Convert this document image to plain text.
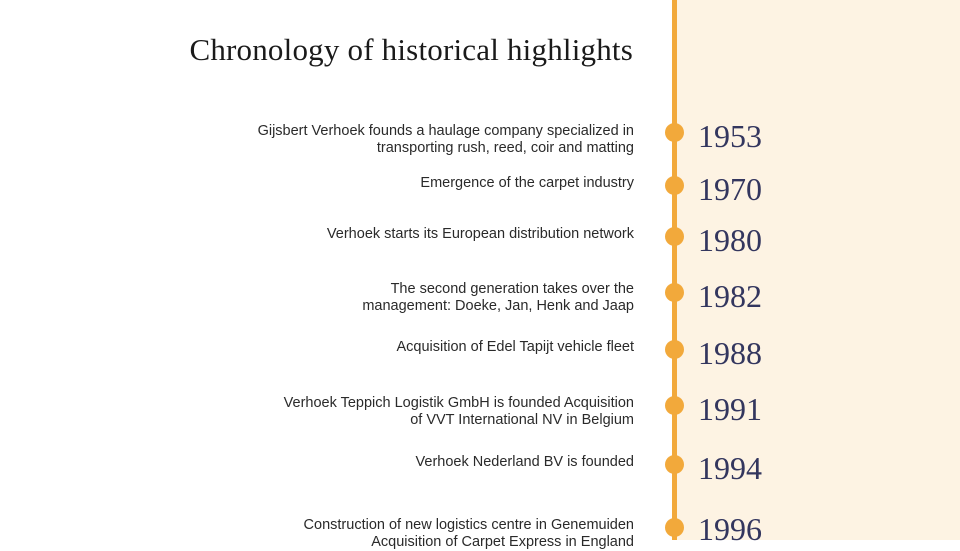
Chronology of historical highlights
Gijsbert Verhoek founds a haulage company specialized in
transporting rush, reed, coir and matting 1953
Emergence of the carpet industry 1970
Verhoek starts its European distribution network 1980
The second generation takes over the
management: Doeke, Jan, Henk and Jaap 1982
Acquisition of Edel Tapijt vehicle fleet 1988
Verhoek Teppich Logistik GmbH is founded Acquisition
of VVT International NV in Belgium 1991
Verhoek Nederland BV is founded 1994
Construction of new logistics centre in Genemuiden
Acquisition of Carpet Express in England 1996
